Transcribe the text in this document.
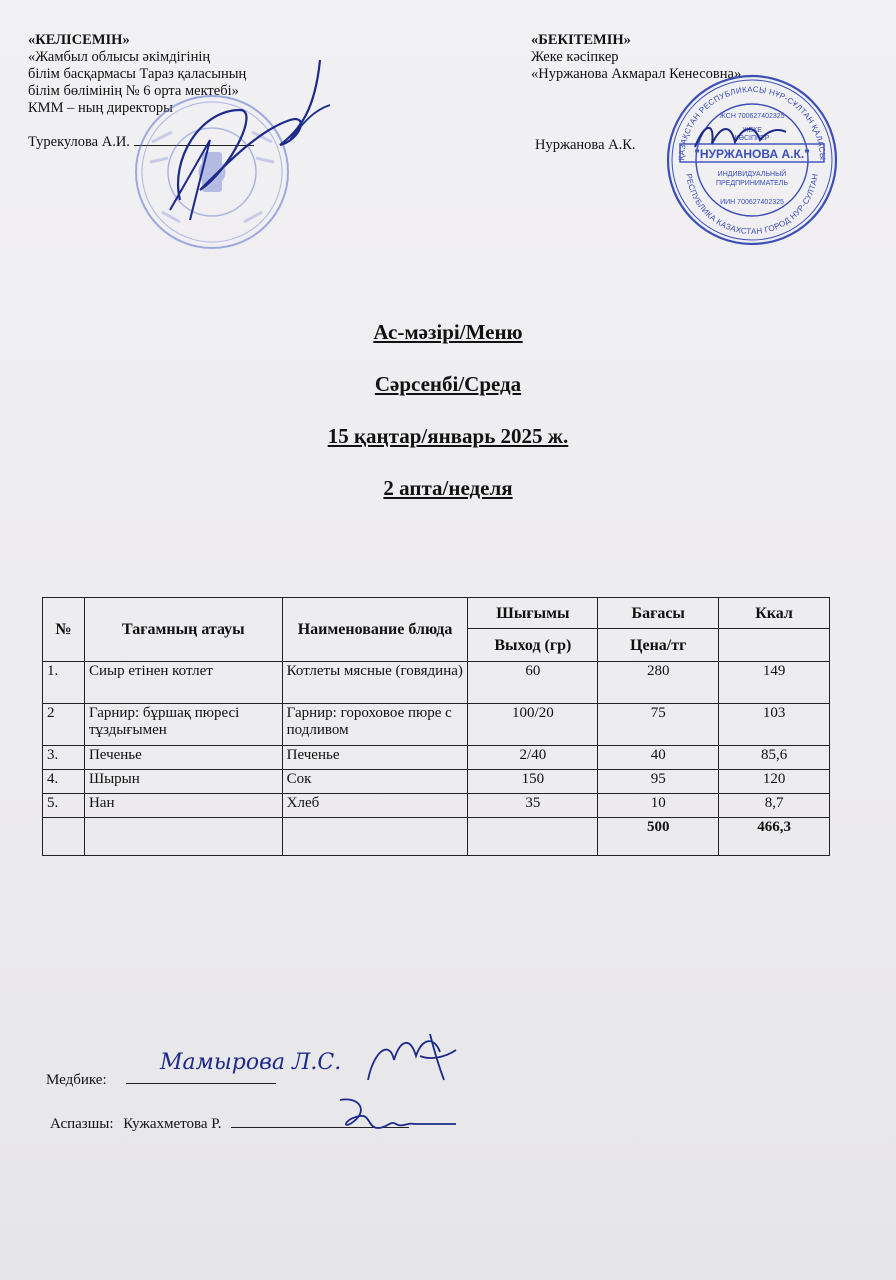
«КЕЛІСЕМІН»
«Жамбыл облысы әкімдігінің
білім басқармасы Тараз қаласының
білім бөлімінің № 6 орта мектебі»
КММ – ның директоры
Турекулова А.И.
«БЕКІТЕМІН»
Жеке кәсіпкер
«Нуржанова Акмарал Кенесовна»
Нуржанова А.К.
ҚАЗАҚСТАН РЕСПУБЛИКАСЫ НҰР-СҰЛТАН ҚАЛАСЫ
РЕСПУБЛИКА КАЗАХСТАН ГОРОД НУР-СУЛТАН
ЖСН 700627402325
ЖЕКЕ
КӘСІПКЕР
"НУРЖАНОВА А.К."
ИНДИВИДУАЛЬНЫЙ
ПРЕДПРИНИМАТЕЛЬ
ИИН 700627402325
Ас-мәзірі/Меню
Сәрсенбі/Среда
15 қаңтар/январь 2025 ж.
2 апта/неделя
№	Тағамның атауы	Наименование блюда	Шығымы	Бағасы	Ккал
			Выход (гр)	Цена/тг	
1.	Сиыр етінен котлет	Котлеты мясные (говядина)	60	280	149
2	Гарнир: бұршақ пюресі тұздығымен	Гарнир: гороховое пюре с подливом	100/20	75	103
3.	Печенье	Печенье	2/40	40	85,6
4.	Шырын	Сок	150	95	120
5.	Нан	Хлеб	35	10	8,7
				500	466,3
Медбике:
Мамырова Л.С.
Аспазшы: Кужахметова Р.
